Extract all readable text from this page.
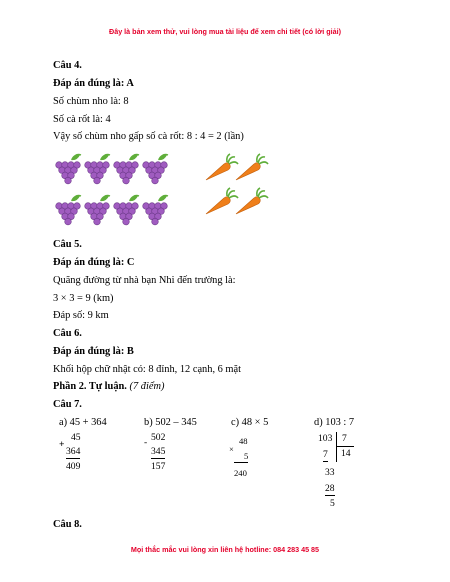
Đây là bản xem thử, vui lòng mua tài liệu để xem chi tiết (có lời giải)
Câu 4.
Đáp án đúng là: A
Số chùm nho là: 8
Số cà rốt là: 4
Vậy số chùm nho gấp số cà rốt: 8 : 4 = 2 (lần)
Câu 5.
Đáp án đúng là: C
Quãng đường từ nhà bạn Nhi đến trường là:
3 × 3 = 9 (km)
Đáp số: 9 km
Câu 6.
Đáp án đúng là: B
Khối hộp chữ nhật có: 8 đỉnh, 12 cạnh, 6 mặt
Phần 2. Tự luận. (7 điểm)
Câu 7.
a) 45 + 364	b) 502 – 345	c) 48 × 5	d) 103 : 7
+
45
364
409
- 502
345
157
×
48
5
240
103 7
14
7
33
28
5
Câu 8.
Mọi thắc mắc vui lòng xin liên hệ hotline: 084 283 45 85
